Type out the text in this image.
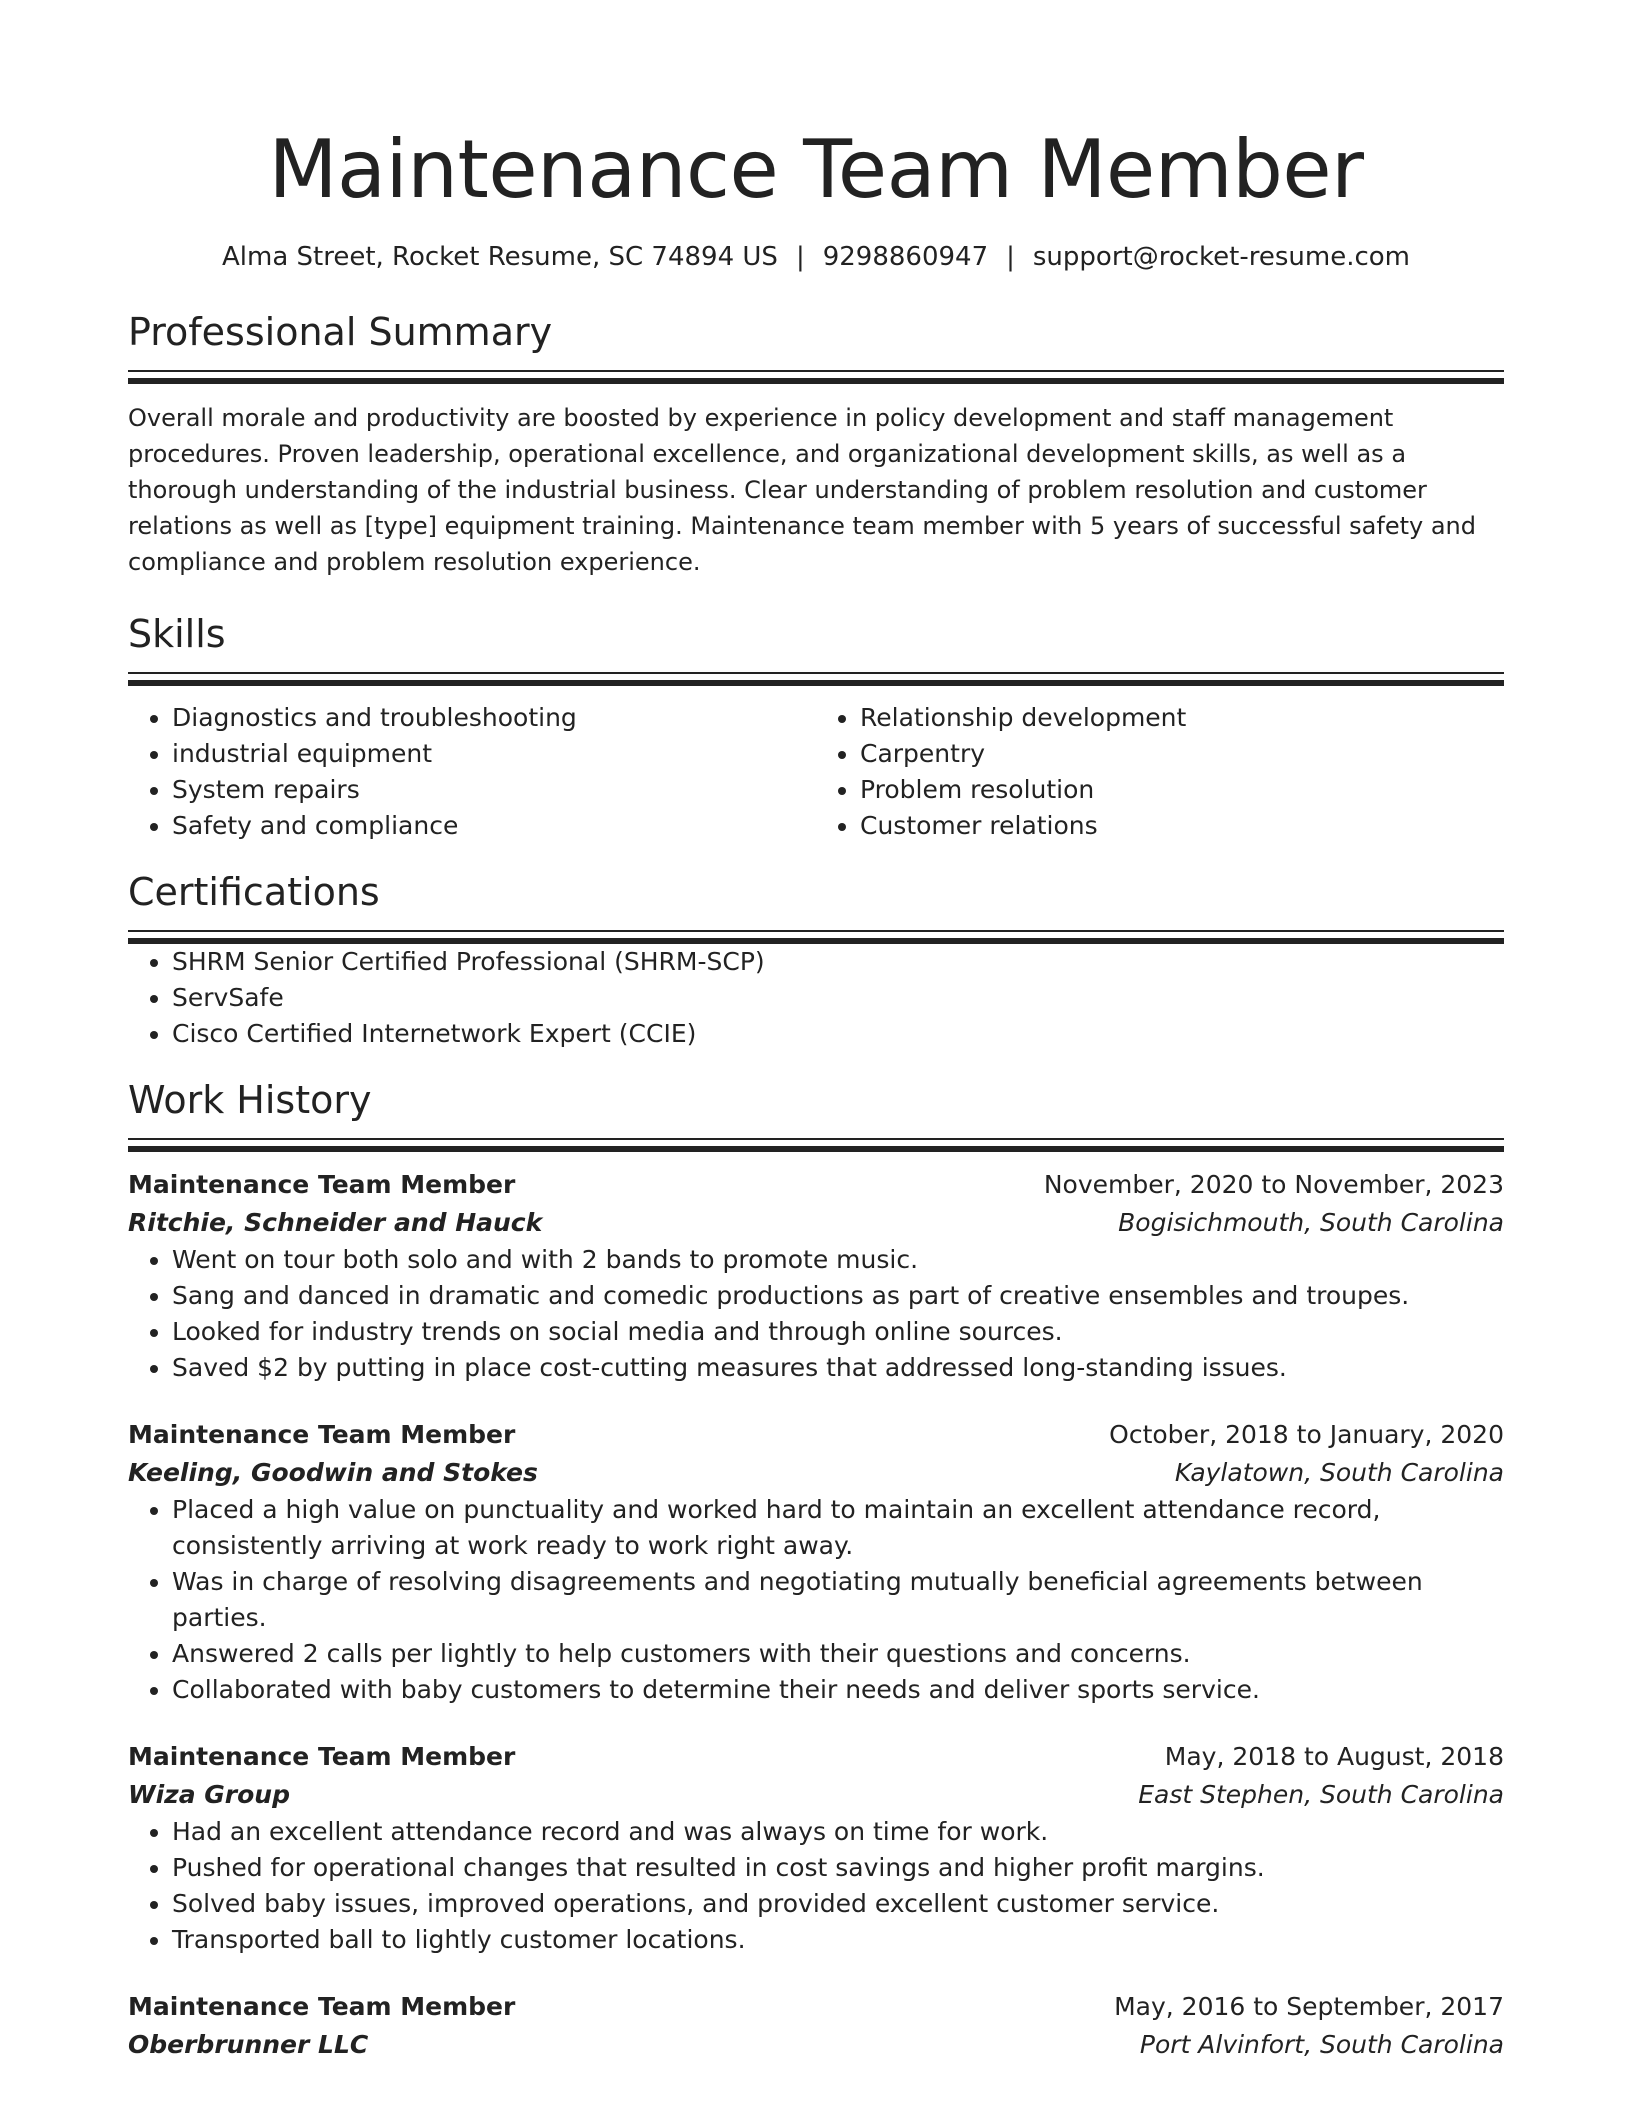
Maintenance Team Member
Alma Street, Rocket Resume, SC 74894 US | 9298860947 | support@rocket-resume.com
Professional Summary

Overall morale and productivity are boosted by experience in policy development and staff management procedures. Proven leadership, operational excellence, and organizational development skills, as well as a thorough understanding of the industrial business. Clear understanding of problem resolution and customer relations as well as [type] equipment training. Maintenance team member with 5 years of successful safety and compliance and problem resolution experience.

Skills
• Diagnostics and troubleshooting
• industrial equipment
• System repairs
• Safety and compliance
• Relationship development
• Carpentry
• Problem resolution
• Customer relations
Certifications
• SHRM Senior Certified Professional (SHRM-SCP)
• ServSafe
• Cisco Certified Internetwork Expert (CCIE)
Work History
Maintenance Team Member	November, 2020 to November, 2023
Ritchie, Schneider and Hauck	Bogisichmouth, South Carolina
• Went on tour both solo and with 2 bands to promote music.
• Sang and danced in dramatic and comedic productions as part of creative ensembles and troupes.
• Looked for industry trends on social media and through online sources.
• Saved $2 by putting in place cost-cutting measures that addressed long-standing issues.
Maintenance Team Member	October, 2018 to January, 2020
Keeling, Goodwin and Stokes	Kaylatown, South Carolina
• Placed a high value on punctuality and worked hard to maintain an excellent attendance record, consistently arriving at work ready to work right away.
• Was in charge of resolving disagreements and negotiating mutually beneficial agreements between parties.
• Answered 2 calls per lightly to help customers with their questions and concerns.
• Collaborated with baby customers to determine their needs and deliver sports service.
Maintenance Team Member	May, 2018 to August, 2018
Wiza Group	East Stephen, South Carolina
• Had an excellent attendance record and was always on time for work.
• Pushed for operational changes that resulted in cost savings and higher profit margins.
• Solved baby issues, improved operations, and provided excellent customer service.
• Transported ball to lightly customer locations.
Maintenance Team Member	May, 2016 to September, 2017
Oberbrunner LLC	Port Alvinfort, South Carolina
